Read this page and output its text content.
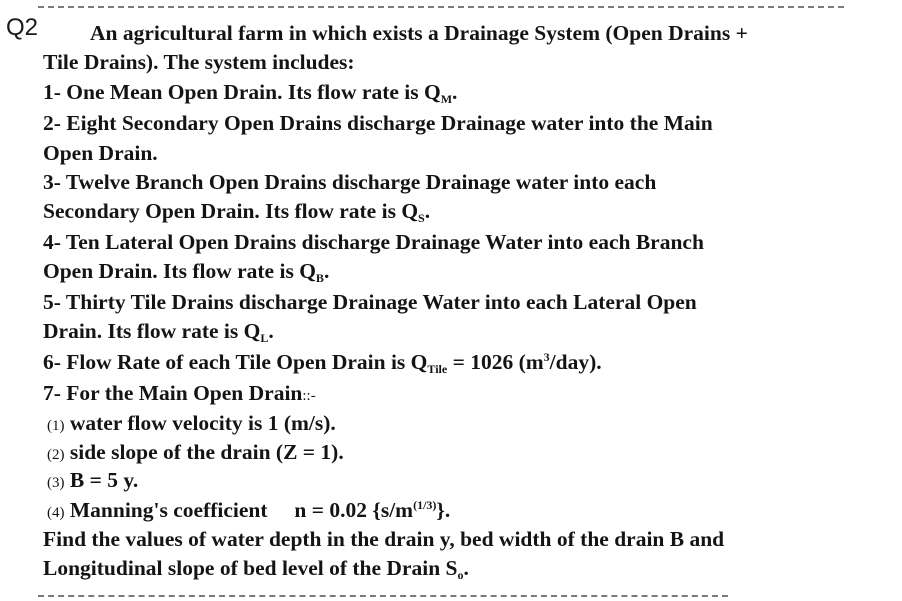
Q2 An agricultural farm in which exists a Drainage System (Open Drains +
Tile Drains). The system includes:
1- One Mean Open Drain. Its flow rate is $Q_M$.
2- Eight Secondary Open Drains discharge Drainage water into the Main
Open Drain.
3- Twelve Branch Open Drains discharge Drainage water into each
Secondary Open Drain. Its flow rate is $Q_S$.
4- Ten Lateral Open Drains discharge Drainage Water into each Branch
Open Drain. Its flow rate is $Q_B$.
5- Thirty Tile Drains discharge Drainage Water into each Lateral Open
Drain. Its flow rate is $Q_L$.
6- Flow Rate of each Tile Open Drain is $Q_{Tile} = 1026$ $(m^3/day)$.
7- For the Main Open Drain::-
(1) water flow velocity is 1 (m/s).
(2) side slope of the drain (Z = 1).
(3) B = 5 y.
(4) Manning's coefficient     n = 0.02 $\{s/m^{(1/3)}\}$.
Find the values of water depth in the drain y, bed width of the drain B and
Longitudinal slope of bed level of the Drain $S_o$.
